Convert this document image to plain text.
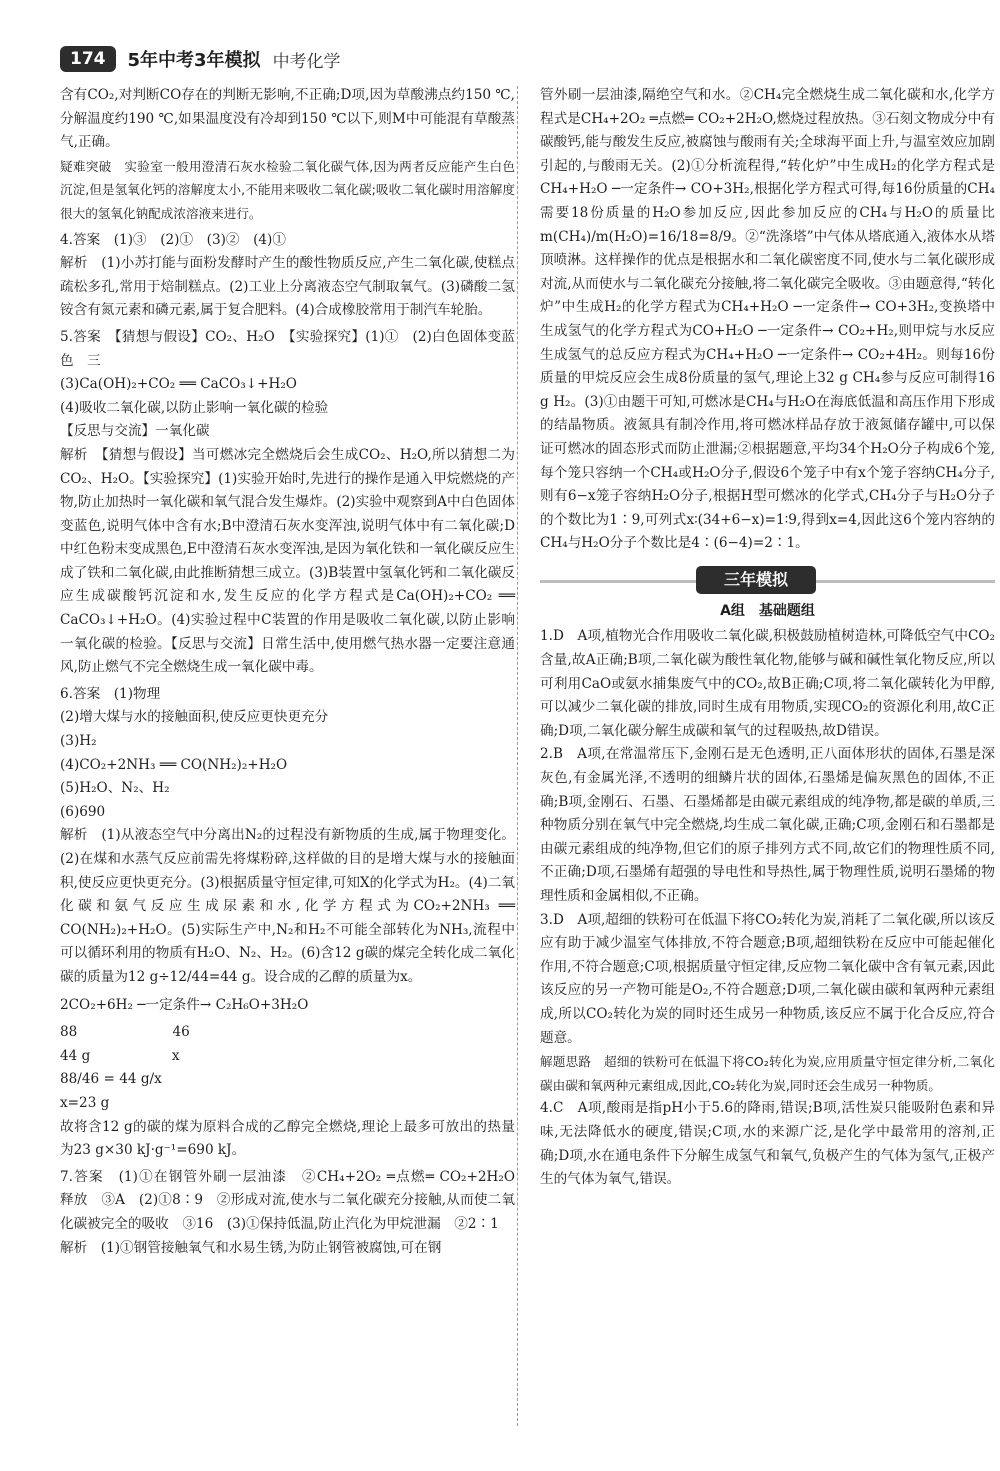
174	5年中考3年模拟 中考化学

含有CO₂,对判断CO存在的判断无影响,不正确;D项,因为草酸沸点约150 ℃,分解温度约190 ℃,如果温度没有冷却到150 ℃以下,则M中可能混有草酸蒸气,正确。

疑难突破　实验室一般用澄清石灰水检验二氧化碳气体,因为两者反应能产生白色沉淀,但是氢氧化钙的溶解度太小,不能用来吸收二氧化碳;吸收二氧化碳时用溶解度很大的氢氧化钠配成浓溶液来进行。

4.答案　(1)③　(2)①　(3)②　(4)①

解析　(1)小苏打能与面粉发酵时产生的酸性物质反应,产生二氧化碳,使糕点疏松多孔,常用于焙制糕点。(2)工业上分离液态空气制取氧气。(3)磷酸二氢铵含有氮元素和磷元素,属于复合肥料。(4)合成橡胶常用于制汽车轮胎。

5.答案　【猜想与假设】CO₂、H₂O　【实验探究】(1)①　(2)白色固体变蓝色　三

(3)Ca(OH)₂+CO₂ ══ CaCO₃↓+H₂O

(4)吸收二氧化碳,以防止影响一氧化碳的检验

【反思与交流】一氧化碳

解析　【猜想与假设】当可燃冰完全燃烧后会生成CO₂、H₂O,所以猜想二为CO₂、H₂O。【实验探究】(1)实验开始时,先进行的操作是通入甲烷燃烧的产物,防止加热时一氧化碳和氧气混合发生爆炸。(2)实验中观察到A中白色固体变蓝色,说明气体中含有水;B中澄清石灰水变浑浊,说明气体中有二氧化碳;D中红色粉末变成黑色,E中澄清石灰水变浑浊,是因为氧化铁和一氧化碳反应生成了铁和二氧化碳,由此推断猜想三成立。(3)B装置中氢氧化钙和二氧化碳反应生成碳酸钙沉淀和水,发生反应的化学方程式是Ca(OH)₂+CO₂ ══ CaCO₃↓+H₂O。(4)实验过程中C装置的作用是吸收二氧化碳,以防止影响一氧化碳的检验。【反思与交流】日常生活中,使用燃气热水器一定要注意通风,防止燃气不完全燃烧生成一氧化碳中毒。

6.答案　(1)物理

(2)增大煤与水的接触面积,使反应更快更充分

(3)H₂

(4)CO₂+2NH₃ ══ CO(NH₂)₂+H₂O

(5)H₂O、N₂、H₂

(6)690

解析　(1)从液态空气中分离出N₂的过程没有新物质的生成,属于物理变化。(2)在煤和水蒸气反应前需先将煤粉碎,这样做的目的是增大煤与水的接触面积,使反应更快更充分。(3)根据质量守恒定律,可知X的化学式为H₂。(4)二氧化碳和氨气反应生成尿素和水,化学方程式为CO₂+2NH₃ ══ CO(NH₂)₂+H₂O。(5)实际生产中,N₂和H₂不可能全部转化为NH₃,流程中可以循环利用的物质有H₂O、N₂、H₂。(6)含12 g碳的煤完全转化成二氧化碳的质量为12 g÷12/44=44 g。设合成的乙醇的质量为x。

2CO₂+6H₂ ─一定条件→ C₂H₆O+3H₂O

88　　　　　　　46

44 g　　　　　　x

88/46 = 44 g/x

x=23 g

故将含12 g的碳的煤为原料合成的乙醇完全燃烧,理论上最多可放出的热量为23 g×30 kJ·g⁻¹=690 kJ。

7.答案　(1)①在钢管外刷一层油漆　②CH₄+2O₂ ═点燃═ CO₂+2H₂O　释放　③A　(2)①8∶9　②形成对流,使水与二氧化碳充分接触,从而使二氧化碳被完全的吸收　③16　(3)①保持低温,防止汽化为甲烷泄漏　②2∶1

解析　(1)①钢管接触氧气和水易生锈,为防止钢管被腐蚀,可在钢

管外刷一层油漆,隔绝空气和水。②CH₄完全燃烧生成二氧化碳和水,化学方程式是CH₄+2O₂ ═点燃═ CO₂+2H₂O,燃烧过程放热。③石刻文物成分中有碳酸钙,能与酸发生反应,被腐蚀与酸雨有关;全球海平面上升,与温室效应加剧引起的,与酸雨无关。(2)①分析流程得,“转化炉”中生成H₂的化学方程式是CH₄+H₂O ─一定条件→ CO+3H₂,根据化学方程式可得,每16份质量的CH₄需要18份质量的H₂O参加反应,因此参加反应的CH₄与H₂O的质量比m(CH₄)/m(H₂O)=16/18=8/9。②“洗涤塔”中气体从塔底通入,液体水从塔顶喷淋。这样操作的优点是根据水和二氧化碳密度不同,使水与二氧化碳形成对流,从而使水与二氧化碳充分接触,将二氧化碳完全吸收。③由题意得,“转化炉”中生成H₂的化学方程式为CH₄+H₂O ─一定条件→ CO+3H₂,变换塔中生成氢气的化学方程式为CO+H₂O ─一定条件→ CO₂+H₂,则甲烷与水反应生成氢气的总反应方程式为CH₄+H₂O ─一定条件→ CO₂+4H₂。则每16份质量的甲烷反应会生成8份质量的氢气,理论上32 g CH₄参与反应可制得16 g H₂。(3)①由题干可知,可燃冰是CH₄与H₂O在海底低温和高压作用下形成的结晶物质。液氮具有制冷作用,将可燃冰样品存放于液氮储存罐中,可以保证可燃冰的固态形式而防止泄漏;②根据题意,平均34个H₂O分子构成6个笼,每个笼只容纳一个CH₄或H₂O分子,假设6个笼子中有x个笼子容纳CH₄分子,则有6−x笼子容纳H₂O分子,根据H型可燃冰的化学式,CH₄分子与H₂O分子的个数比为1∶9,可列式x∶(34+6−x)=1∶9,得到x=4,因此这6个笼内容纳的CH₄与H₂O分子个数比是4∶(6−4)=2∶1。

三年模拟
A组　基础题组

1.D　A项,植物光合作用吸收二氧化碳,积极鼓励植树造林,可降低空气中CO₂含量,故A正确;B项,二氧化碳为酸性氧化物,能够与碱和碱性氧化物反应,所以可利用CaO或氨水捕集废气中的CO₂,故B正确;C项,将二氧化碳转化为甲醇,可以减少二氧化碳的排放,同时生成有用物质,实现CO₂的资源化利用,故C正确;D项,二氧化碳分解生成碳和氧气的过程吸热,故D错误。

2.B　A项,在常温常压下,金刚石是无色透明,正八面体形状的固体,石墨是深灰色,有金属光泽,不透明的细鳞片状的固体,石墨烯是偏灰黑色的固体,不正确;B项,金刚石、石墨、石墨烯都是由碳元素组成的纯净物,都是碳的单质,三种物质分别在氧气中完全燃烧,均生成二氧化碳,正确;C项,金刚石和石墨都是由碳元素组成的纯净物,但它们的原子排列方式不同,故它们的物理性质不同,不正确;D项,石墨烯有超强的导电性和导热性,属于物理性质,说明石墨烯的物理性质和金属相似,不正确。

3.D　A项,超细的铁粉可在低温下将CO₂转化为炭,消耗了二氧化碳,所以该反应有助于减少温室气体排放,不符合题意;B项,超细铁粉在反应中可能起催化作用,不符合题意;C项,根据质量守恒定律,反应物二氧化碳中含有氧元素,因此该反应的另一产物可能是O₂,不符合题意;D项,二氧化碳由碳和氧两种元素组成,所以CO₂转化为炭的同时还生成另一种物质,该反应不属于化合反应,符合题意。

解题思路　超细的铁粉可在低温下将CO₂转化为炭,应用质量守恒定律分析,二氧化碳由碳和氧两种元素组成,因此,CO₂转化为炭,同时还会生成另一种物质。

4.C　A项,酸雨是指pH小于5.6的降雨,错误;B项,活性炭只能吸附色素和异味,无法降低水的硬度,错误;C项,水的来源广泛,是化学中最常用的溶剂,正确;D项,水在通电条件下分解生成氢气和氧气,负极产生的气体为氢气,正极产生的气体为氧气,错误。
